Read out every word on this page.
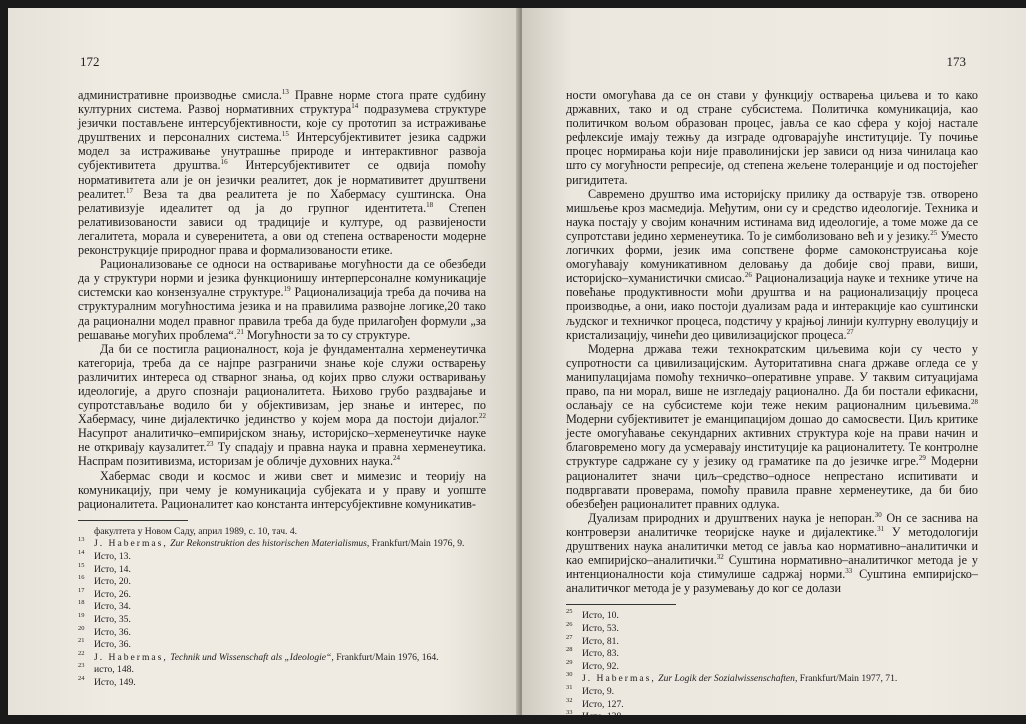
172

административне производње смисла.$^{13}$ Правне норме стога прате судбину културних система. Развој нормативних структура$^{14}$ подразумева структуре језички постављене интерсубјективности, које су прототип за истраживање друштвених и персоналних система.$^{15}$ Интерсубјективитет језика садржи модел за истраживање унутрашње природе и интерактивног развоја субјективитета друштва.$^{16}$ Интерсубјективитет се одвија помоћу нормативитета али је он језички реалитет, док је нормативитет друштвени реалитет.$^{17}$ Веза та два реалитета је по Хабермасу суштинска. Она релативизује идеалитет од ја до групног идентитета.$^{18}$ Степен релативизованости зависи од традиције и културе, од развијености легалитета, морала и суверенитета, а ови од степена остварености модерне реконструкције природног права и формализованости етике.

Рационализовање се односи на остваривање могућности да се обезбеди да у структури норми и језика функционишу интерперсоналне комуникације системски као конзензуалне структуре.$^{19}$ Рационализација треба да почива на структуралним могућностима језика и на правилима развојне логике,20 тако да рационални модел правног правила треба да буде прилагођен формули „за решавање могућих проблема“.$^{21}$ Могућности за то су структуре.

Да би се постигла рационалност, која је фундаментална херменеутичка категорија, треба да се најпре разграничи знање које служи остварењу различитих интереса од стварног знања, од којих прво служи остваривању идеологије, а друго спознаји рационалитета. Њихово грубо раздвајање и супротстављање водило би у објективизам, јер знање и интерес, по Хабермасу, чине дијалектичко јединство у којем мора да постоји дијалог.$^{22}$ Насупрот аналитичко–емпиријском знању, историјско–херменеутичке науке не откривају каузалитет.$^{23}$ Ту спадају и правна наука и правна херменеутика. Наспрам позитивизма, историзам је обличје духовних наука.$^{24}$

Хабермас своди и космос и живи свет и мимезис и теорију на комуникацију, при чему је комуникација субјеката и у праву и уопште рационалитета. Рационалитет као константа интерсубјективне комуникатив-

факултета у Новом Саду, април 1989, с. 10, тач. 4.
13 J. Habermas, Zur Rekonstruktion des historischen Materialismus, Frankfurt/Main 1976, 9.
14 Исто, 13.
15 Исто, 14.
16 Исто, 20.
17 Исто, 26.
18 Исто, 34.
19 Исто, 35.
20 Исто, 36.
21 Исто, 36.
22 J. Habermas, Technik und Wissenschaft als „Ideologie“, Frankfurt/Main 1976, 164.
23 исто, 148.
24 Исто, 149.
173

ности омогућава да се он стави у функцију остварења циљева и то како државних, тако и од стране субсистема. Политичка комуникација, као политичком вољом образован процес, јавља се као сфера у којој настале рефлексије имају тежњу да изграде одговарајуће институције. Ту почиње процес нормирања који није праволинијски јер зависи од низа чинилаца као што су могућности репресије, од степена жељене толеранције и од постојећег ригидитета.

Савремено друштво има историјску прилику да остварује тзв. отворено мишљење кроз масмедија. Међутим, они су и средство идеологије. Техника и наука постају у својим коначним истинама вид идеологије, а томе може да се супротстави једино херменеутика. То је симболизовано већ и у језику.$^{25}$ Уместо логичких форми, језик има сопствене форме самоконструисања које омогућавају комуникативном деловању да добије свој прави, виши, историјско–хуманистички смисао.$^{26}$ Рационализација науке и технике утиче на повећање продуктивности моћи друштва и на рационализацију процеса производње, а они, иако постоји дуализам рада и интеракције као суштински људског и техничког процеса, подстичу у крајњој линији културну еволуцију и кристализацију, чинећи део цивилизацијског процеса.$^{27}$

Модерна држава тежи технократским циљевима који су често у супротности са цивилизацијским. Ауторитативна снага државе огледа се у манипулацијама помоћу техничко–оперативне управе. У таквим ситуацијама право, па ни морал, више не изгледају рационално. Да би постали ефикасни, ослањају се на субсистеме који теже неким рационалним циљевима.$^{28}$ Модерни субјективитет је еманципацијом дошао до самосвести. Циљ критике јесте омогућавање секундарних активних структура које на прави начин и благовремено могу да усмеравају институције ка рационалитету. Те контролне структуре садржане су у језику од граматике па до језичке игре.$^{29}$ Модерни рационалитет значи циљ–средство–односе непрестано испитивати и подвргавати проверама, помоћу правила правне херменеутике, да би био обезбеђен рационалитет правних одлука.

Дуализам природних и друштвених наука је непоран.$^{30}$ Он се заснива на контроверзи аналитичке теоријске науке и дијалектике.$^{31}$ У методологији друштвених наука аналитички метод се јавља као нормативно–аналитички и као емпиријско–аналитички.$^{32}$ Суштина нормативно–аналитичког метода је у интенционалности која стимулише садржај норми.$^{33}$ Суштина емпиријско–аналитичког метода је у разумевању до ког се долази

25 Исто, 10.
26 Исто, 53.
27 Исто, 81.
28 Исто, 83.
29 Исто, 92.
30 J. Habermas, Zur Logik der Sozialwissenschaften, Frankfurt/Main 1977, 71.
31 Исто, 9.
32 Исто, 127.
33 Исто, 138.
